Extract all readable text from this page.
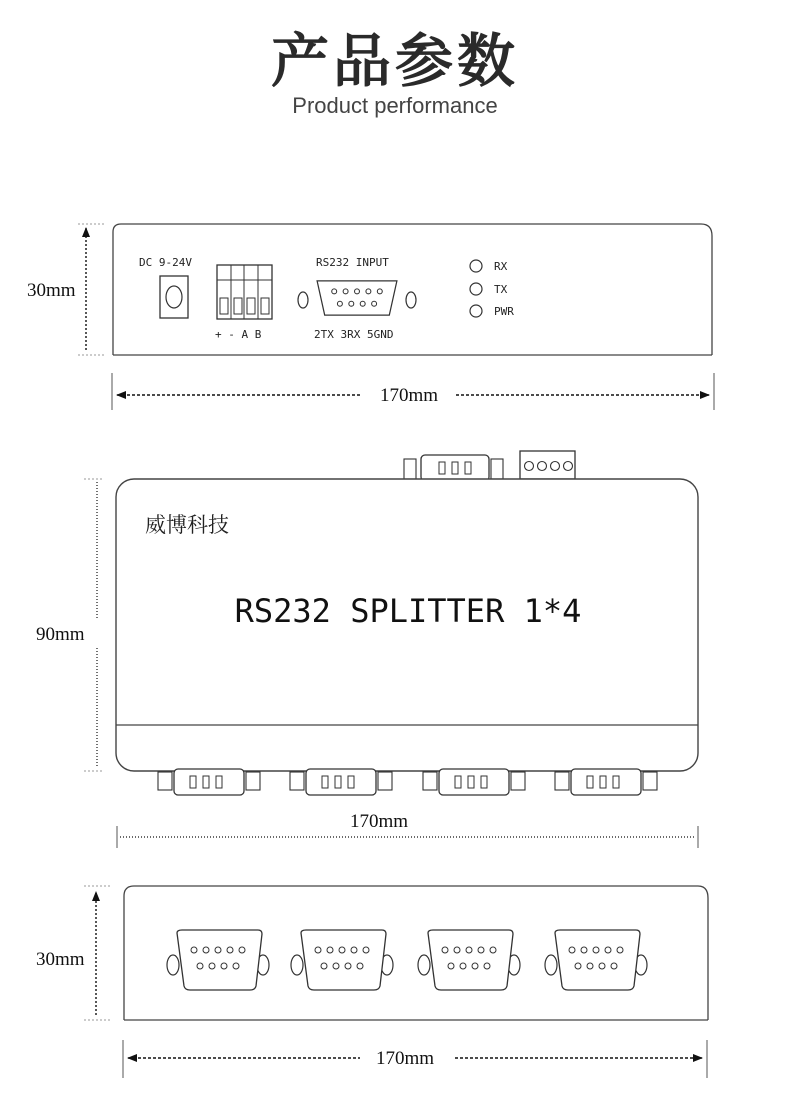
产品参数
Product performance
DC 9-24V
+ - A B
RS232 INPUT
2TX 3RX 5GND
RX
TX
PWR
30mm
170mm
威博科技
RS232 SPLITTER 1*4
90mm
170mm
30mm
170mm
